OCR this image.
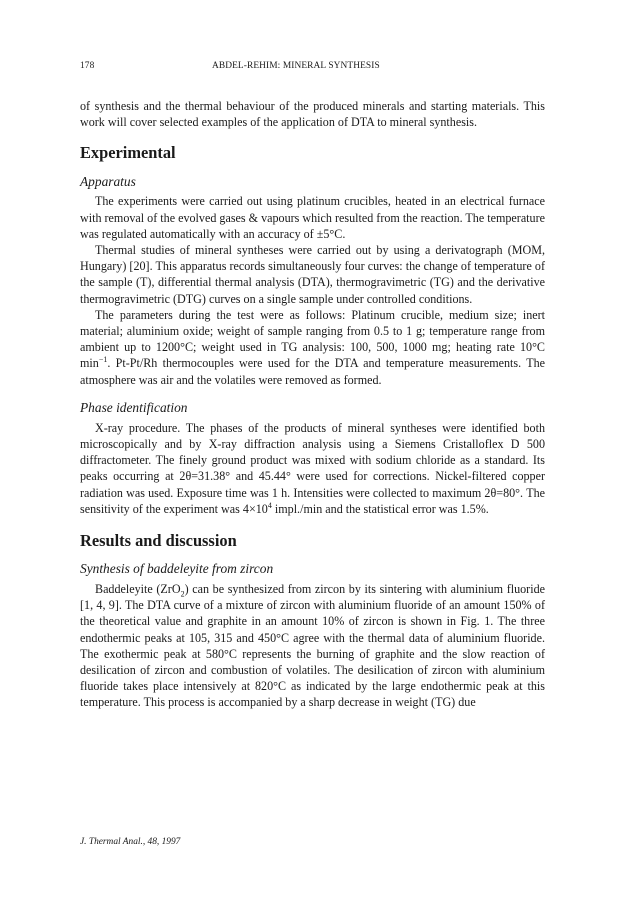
178	ABDEL-REHIM: MINERAL SYNTHESIS

of synthesis and the thermal behaviour of the produced minerals and starting materials. This work will cover selected examples of the application of DTA to mineral synthesis.

Experimental
Apparatus

The experiments were carried out using platinum crucibles, heated in an electrical furnace with removal of the evolved gases & vapours which resulted from the reaction. The temperature was regulated automatically with an accuracy of ±5°C.

Thermal studies of mineral syntheses were carried out by using a derivatograph (MOM, Hungary) [20]. This apparatus records simultaneously four curves: the change of temperature of the sample (T), differential thermal analysis (DTA), thermogravimetric (TG) and the derivative thermogravimetric (DTG) curves on a single sample under controlled conditions.

The parameters during the test were as follows: Platinum crucible, medium size; inert material; aluminium oxide; weight of sample ranging from 0.5 to 1 g; temperature range from ambient up to 1200°C; weight used in TG analysis: 100, 500, 1000 mg; heating rate 10°C $\min^{-1}$. Pt-Pt/Rh thermocouples were used for the DTA and temperature measurements. The atmosphere was air and the volatiles were removed as formed.

Phase identification

X-ray procedure. The phases of the products of mineral syntheses were identified both microscopically and by X-ray diffraction analysis using a Siemens Cristalloflex D 500 diffractometer. The finely ground product was mixed with sodium chloride as a standard. Its peaks occurring at 2θ=31.38° and 45.44° were used for corrections. Nickel-filtered copper radiation was used. Exposure time was 1 h. Intensities were collected to maximum 2θ=80°. The sensitivity of the experiment was $4\times 10^4$ impl./min and the statistical error was 1.5%.

Results and discussion
Synthesis of baddeleyite from zircon

Baddeleyite (ZrO$_2$) can be synthesized from zircon by its sintering with aluminium fluoride [1, 4, 9]. The DTA curve of a mixture of zircon with aluminium fluoride of an amount 150% of the theoretical value and graphite in an amount 10% of zircon is shown in Fig. 1. The three endothermic peaks at 105, 315 and 450°C agree with the thermal data of aluminium fluoride. The exothermic peak at 580°C represents the burning of graphite and the slow reaction of desilication of zircon and combustion of volatiles. The desilication of zircon with aluminium fluoride takes place intensively at 820°C as indicated by the large endothermic peak at this temperature. This process is accompanied by a sharp decrease in weight (TG) due

J. Thermal Anal., 48, 1997
